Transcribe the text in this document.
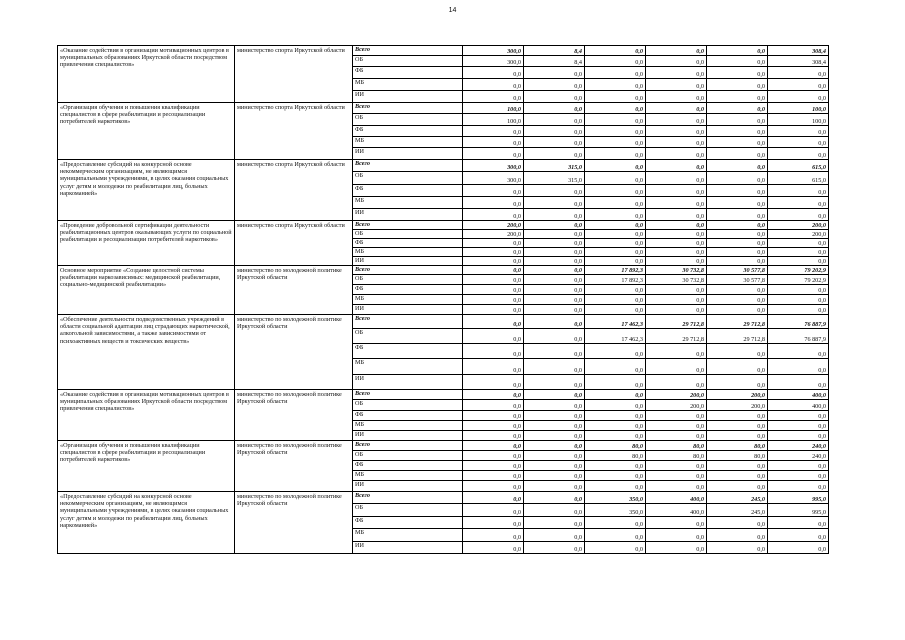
14
«Оказание содействия в организации мотивационных центров в муниципальных образованиях Иркутской области посредством привлечения специалистов»	министерство спорта Иркутской области	Всего	300,0	8,4	0,0	0,0	0,0	308,4
		ОБ	300,0	8,4	0,0	0,0	0,0	308,4
		ФБ	0,0	0,0	0,0	0,0	0,0	0,0
		МБ	0,0	0,0	0,0	0,0	0,0	0,0
		ИИ	0,0	0,0	0,0	0,0	0,0	0,0
«Организация обучения и повышения квалификации специалистов в сфере реабилитации и ресоциализации потребителей наркотиков»	министерство спорта Иркутской области	Всего	100,0	0,0	0,0	0,0	0,0	100,0
		ОБ	100,0	0,0	0,0	0,0	0,0	100,0
		ФБ	0,0	0,0	0,0	0,0	0,0	0,0
		МБ	0,0	0,0	0,0	0,0	0,0	0,0
		ИИ	0,0	0,0	0,0	0,0	0,0	0,0
«Предоставление субсидий на конкурсной основе некоммерческим организациям, не являющимся муниципальными учреждениями, в целях оказания социальных услуг детям и молодежи по реабилитации лиц, больных наркоманией»	министерство спорта Иркутской области	Всего	300,0	315,0	0,0	0,0	0,0	615,0
		ОБ	300,0	315,0	0,0	0,0	0,0	615,0
		ФБ	0,0	0,0	0,0	0,0	0,0	0,0
		МБ	0,0	0,0	0,0	0,0	0,0	0,0
		ИИ	0,0	0,0	0,0	0,0	0,0	0,0
«Проведение добровольной сертификации деятельности реабилитационных центров оказывающих услуги по социальной реабилитации и ресоциализации потребителей наркотиков»	министерство спорта Иркутской области	Всего	200,0	0,0	0,0	0,0	0,0	200,0
		ОБ	200,0	0,0	0,0	0,0	0,0	200,0
		ФБ	0,0	0,0	0,0	0,0	0,0	0,0
		МБ	0,0	0,0	0,0	0,0	0,0	0,0
		ИИ	0,0	0,0	0,0	0,0	0,0	0,0
Основное мероприятие «Создание целостной системы реабилитации наркозависимых: медицинской реабилитации, социально-медицинской реабилитации»	министерство по молодежной политике Иркутской области	Всего	0,0	0,0	17 892,3	30 732,8	30 577,8	79 202,9
		ОБ	0,0	0,0	17 892,3	30 732,8	30 577,8	79 202,9
		ФБ	0,0	0,0	0,0	0,0	0,0	0,0
		МБ	0,0	0,0	0,0	0,0	0,0	0,0
		ИИ	0,0	0,0	0,0	0,0	0,0	0,0
«Обеспечение деятельности подведомственных учреждений в области социальной адаптации лиц страдающих наркотической, алкогольной зависимостями, а также зависимостями от психоактивных веществ и токсических веществ»	министерство по молодежной политике Иркутской области	Всего	0,0	0,0	17 462,3	29 712,8	29 712,8	76 887,9
		ОБ	0,0	0,0	17 462,3	29 712,8	29 712,8	76 887,9
		ФБ	0,0	0,0	0,0	0,0	0,0	0,0
		МБ	0,0	0,0	0,0	0,0	0,0	0,0
		ИИ	0,0	0,0	0,0	0,0	0,0	0,0
«Оказание содействия в организации мотивационных центров в муниципальных образованиях Иркутской области посредством привлечения специалистов»	министерство по молодежной политике Иркутской области	Всего	0,0	0,0	0,0	200,0	200,0	400,0
		ОБ	0,0	0,0	0,0	200,0	200,0	400,0
		ФБ	0,0	0,0	0,0	0,0	0,0	0,0
		МБ	0,0	0,0	0,0	0,0	0,0	0,0
		ИИ	0,0	0,0	0,0	0,0	0,0	0,0
«Организация обучения и повышения квалификации специалистов в сфере реабилитации и ресоциализации потребителей наркотиков»	министерство по молодежной политике Иркутской области	Всего	0,0	0,0	80,0	80,0	80,0	240,0
		ОБ	0,0	0,0	80,0	80,0	80,0	240,0
		ФБ	0,0	0,0	0,0	0,0	0,0	0,0
		МБ	0,0	0,0	0,0	0,0	0,0	0,0
		ИИ	0,0	0,0	0,0	0,0	0,0	0,0
«Предоставление субсидий на конкурсной основе некоммерческим организациям, не являющимся муниципальными учреждениями, в целях оказания социальных услуг детям и молодежи по реабилитации лиц, больных наркоманией»	министерство по молодежной политике Иркутской области	Всего	0,0	0,0	350,0	400,0	245,0	995,0
		ОБ	0,0	0,0	350,0	400,0	245,0	995,0
		ФБ	0,0	0,0	0,0	0,0	0,0	0,0
		МБ	0,0	0,0	0,0	0,0	0,0	0,0
		ИИ	0,0	0,0	0,0	0,0	0,0	0,0
